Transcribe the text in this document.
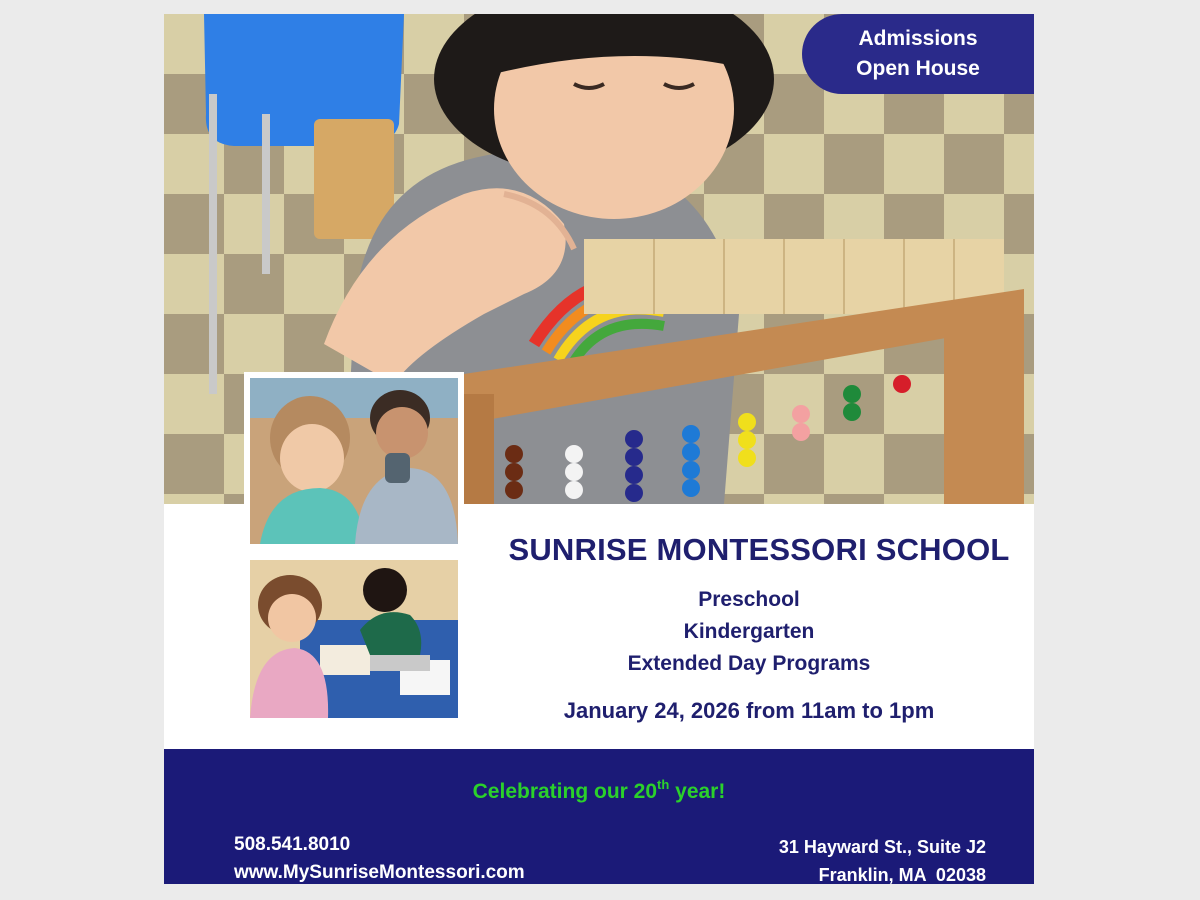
Admissions
Open House
SUNRISE MONTESSORI SCHOOL
Preschool
Kindergarten
Extended Day Programs
January 24, 2026 from 11am to 1pm
Celebrating our 20th year!
508.541.8010
www.MySunriseMontessori.com
31 Hayward St., Suite J2
Franklin, MA  02038
